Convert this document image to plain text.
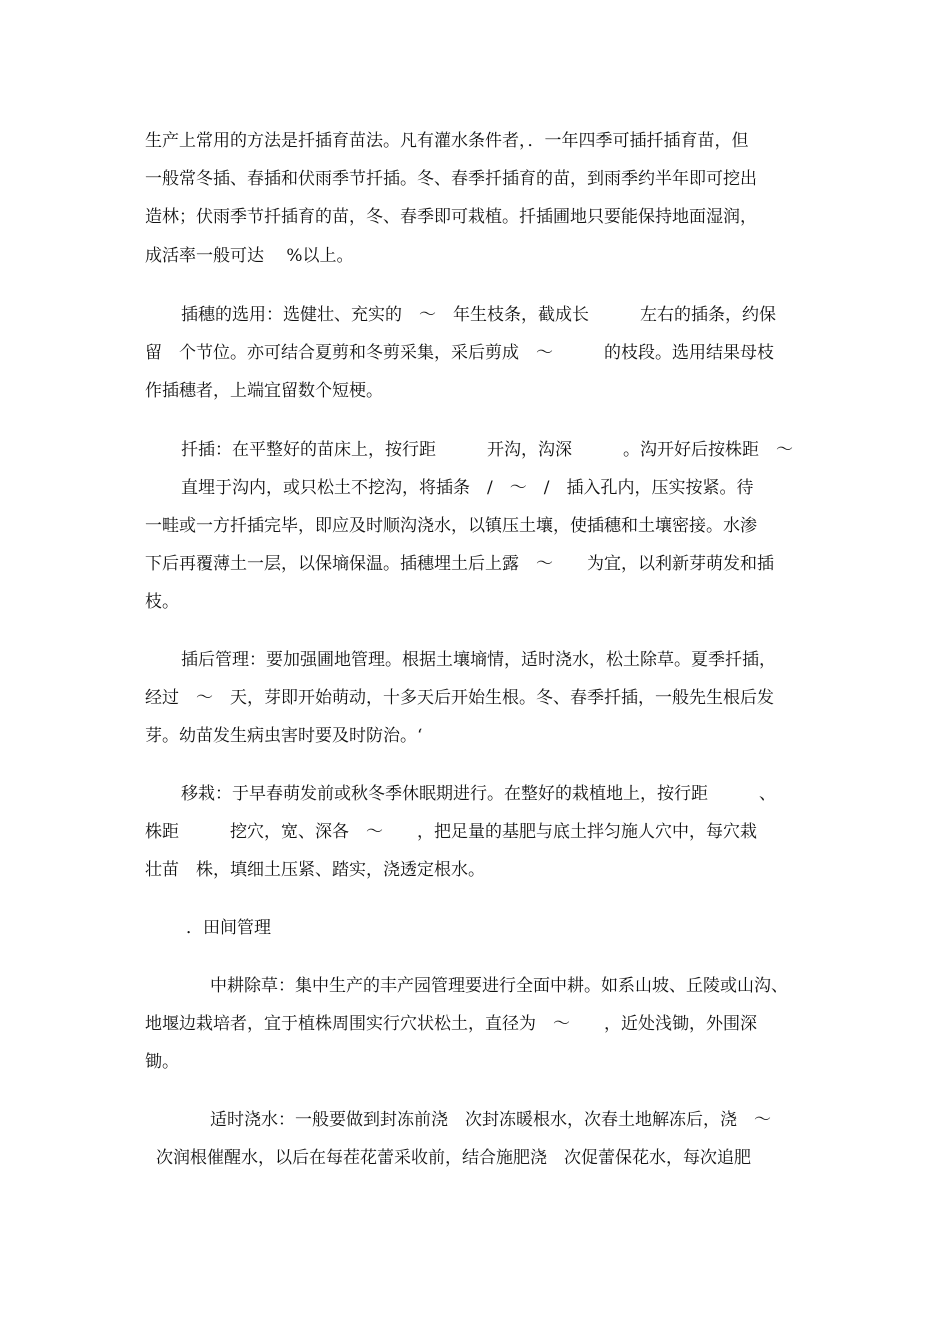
生产上常用的方法是扦插育苗法。凡有灌水条件者，．一年四季可插扦插育苗，但
一般常冬插、春插和伏雨季节扦插。冬、春季扦插育的苗，到雨季约半年即可挖出
造林；伏雨季节扦插育的苗，冬、春季即可栽植。扦插圃地只要能保持地面湿润，
成活率一般可达　 %以上。
插穗的选用：选健壮、充实的　～　年生枝条，截成长　　　左右的插条，约保
留　个节位。亦可结合夏剪和冬剪采集，采后剪成　～　　　的枝段。选用结果母枝
作插穗者，上端宜留数个短梗。
扦插：在平整好的苗床上，按行距　　　开沟，沟深　　　。沟开好后按株距　～
直埋于沟内，或只松土不挖沟，将插条　/　～　/　插入孔内，压实按紧。待
一畦或一方扦插完毕，即应及时顺沟浇水，以镇压土壤，使插穗和土壤密接。水渗
下后再覆薄土一层，以保墒保温。插穗埋土后上露　～　　为宜，以利新芽萌发和插
枝。
插后管理：要加强圃地管理。根据土壤墒情，适时浇水，松土除草。夏季扦插，
经过　～　天，芽即开始萌动，十多天后开始生根。冬、春季扦插，一般先生根后发
芽。幼苗发生病虫害时要及时防治。‘
移栽：于早春萌发前或秋冬季休眠期进行。在整好的栽植地上，按行距　　　、
株距　　　挖穴，宽、深各　～　　，把足量的基肥与底土拌匀施人穴中，每穴栽
壮苗　株，填细土压紧、踏实，浇透定根水。
．田间管理
中耕除草：集中生产的丰产园管理要进行全面中耕。如系山坡、丘陵或山沟、
地堰边栽培者，宜于植株周围实行穴状松土，直径为　～　　，近处浅锄，外围深
锄。
适时浇水：一般要做到封冻前浇　次封冻暖根水，次春土地解冻后，浇　～
次润根催醒水，以后在每茬花蕾采收前，结合施肥浇　次促蕾保花水，每次追肥
